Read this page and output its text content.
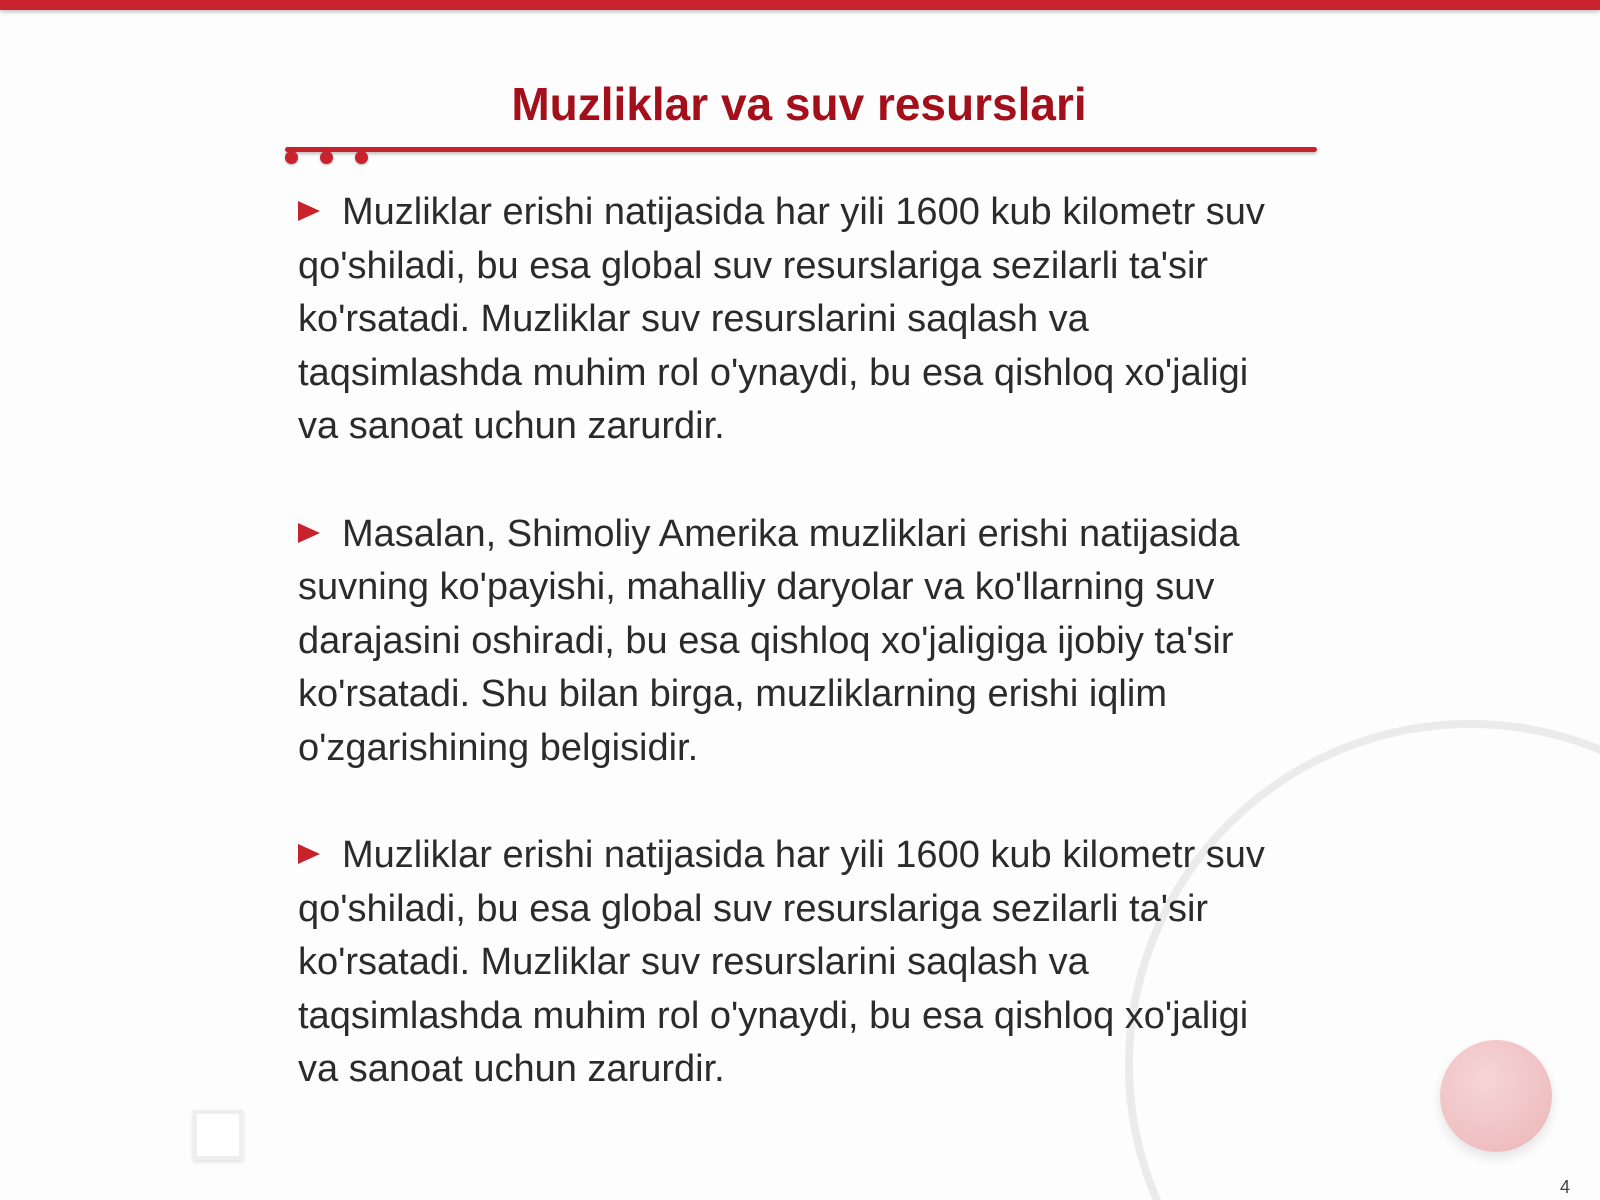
Muzliklar va suv resurslari

Muzliklar erishi natijasida har yili 1600 kub kilometr suv qo'shiladi, bu esa global suv resurslariga sezilarli ta'sir ko'rsatadi. Muzliklar suv resurslarini saqlash va taqsimlashda muhim rol o'ynaydi, bu esa qishloq xo'jaligi va sanoat uchun zarurdir.

Masalan, Shimoliy Amerika muzliklari erishi natijasida suvning ko'payishi, mahalliy daryolar va ko'llarning suv darajasini oshiradi, bu esa qishloq xo'jaligiga ijobiy ta'sir ko'rsatadi. Shu bilan birga, muzliklarning erishi iqlim o'zgarishining belgisidir.

Muzliklar erishi natijasida har yili 1600 kub kilometr suv qo'shiladi, bu esa global suv resurslariga sezilarli ta'sir ko'rsatadi. Muzliklar suv resurslarini saqlash va taqsimlashda muhim rol o'ynaydi, bu esa qishloq xo'jaligi va sanoat uchun zarurdir.

4
